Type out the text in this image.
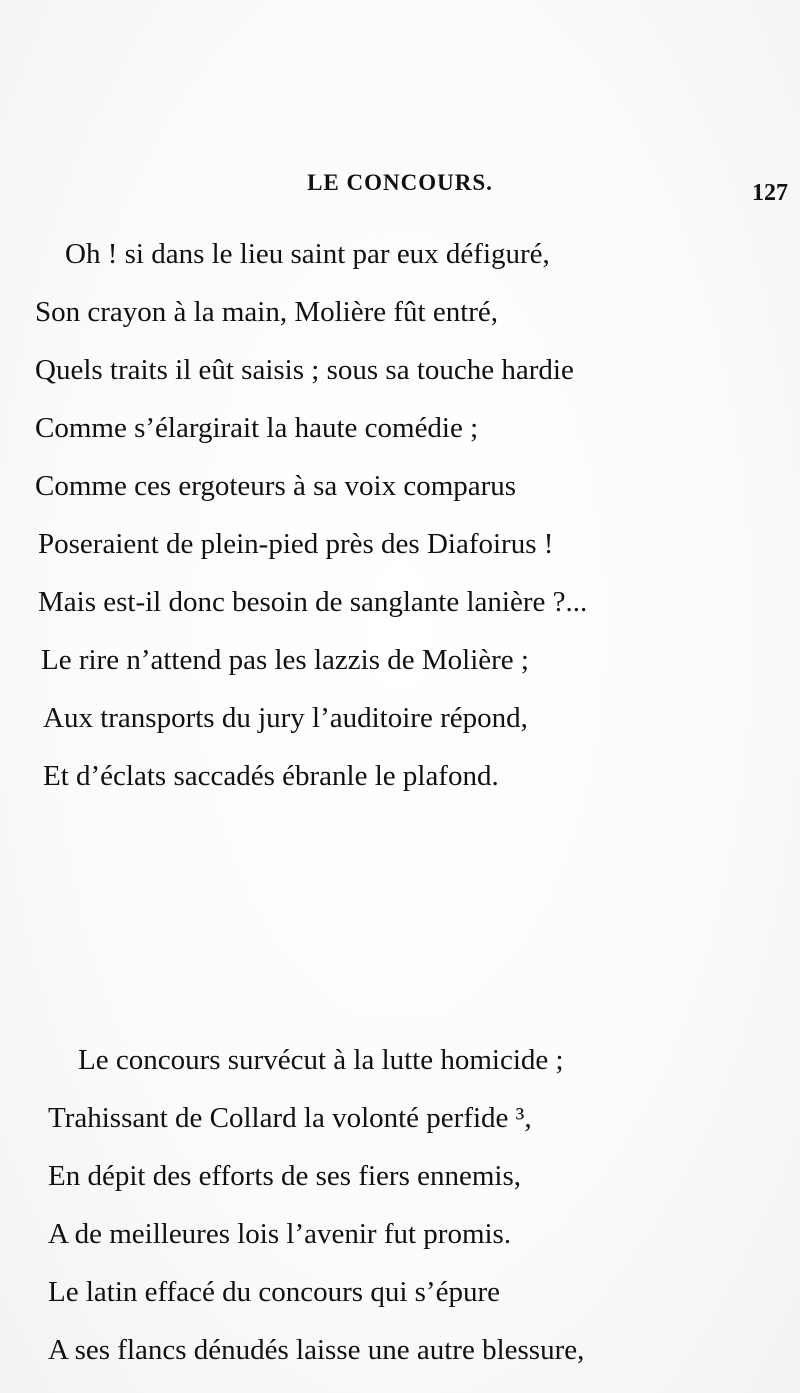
LE CONCOURS.	127
Oh ! si dans le lieu saint par eux défiguré,
Son crayon à la main, Molière fût entré,
Quels traits il eût saisis ; sous sa touche hardie
Comme s’élargirait la haute comédie ;
Comme ces ergoteurs à sa voix comparus
Poseraient de plein-pied près des Diafoirus !
Mais est-il donc besoin de sanglante lanière ?...
Le rire n’attend pas les lazzis de Molière ;
Aux transports du jury l’auditoire répond,
Et d’éclats saccadés ébranle le plafond.
Le concours survécut à la lutte homicide ;
Trahissant de Collard la volonté perfide ³,
En dépit des efforts de ses fiers ennemis,
A de meilleures lois l’avenir fut promis.
Le latin effacé du concours qui s’épure
A ses flancs dénudés laisse une autre blessure,
